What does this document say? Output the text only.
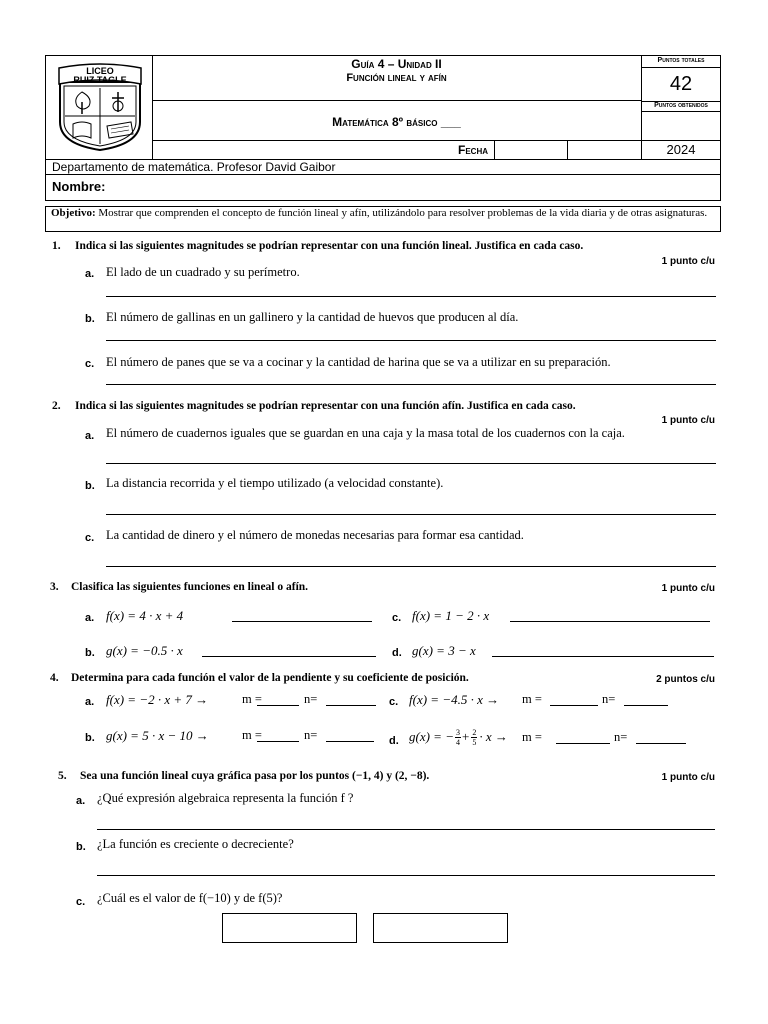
LICEO
RUIZ TAGLE
Guía 4 – Unidad II
Función lineal y afín
Matemática 8º básico ___
Fecha	2024
Puntos totales
42
Puntos obtenidos
Departamento de matemática. Profesor David Gaibor
Nombre:
Objetivo: Mostrar que comprenden el concepto de función lineal y afín, utilizándolo para resolver problemas de la vida diaria y de otras asignaturas.
1. Indica si las siguientes magnitudes se podrían representar con una función lineal. Justifica en cada caso.
1 punto c/u
a. El lado de un cuadrado y su perímetro.
b. El número de gallinas en un gallinero y la cantidad de huevos que producen al día.
c. El número de panes que se va a cocinar y la cantidad de harina que se va a utilizar en su preparación.
2. Indica si las siguientes magnitudes se podrían representar con una función afín. Justifica en cada caso.
1 punto c/u
a. El número de cuadernos iguales que se guardan en una caja y la masa total de los cuadernos con la caja.
b. La distancia recorrida y el tiempo utilizado (a velocidad constante).
c. La cantidad de dinero y el número de monedas necesarias para formar esa cantidad.
3. Clasifica las siguientes funciones en lineal o afín.	1 punto c/u
a. f(x) = 4 · x + 4	c. f(x) = 1 − 2 · x
b. g(x) = −0.5 · x	d. g(x) = 3 − x
4. Determina para cada función el valor de la pendiente y su coeficiente de posición.	2 puntos c/u
a. f(x) = −2 · x + 7 →	m =	n=	c. f(x) = −4.5 · x → m =	n=
b. g(x) = 5 · x − 10 →	m =	n=	d. g(x) = − $\frac{3}{4} + \frac{2}{5} \cdot x \to m$ =	n=
5. Sea una función lineal cuya gráfica pasa por los puntos (−1, 4) y (2, −8).	1 punto c/u
a. ¿Qué expresión algebraica representa la función f ?
b. ¿La función es creciente o decreciente?
c. ¿Cuál es el valor de f(−10) y de f(5)?
